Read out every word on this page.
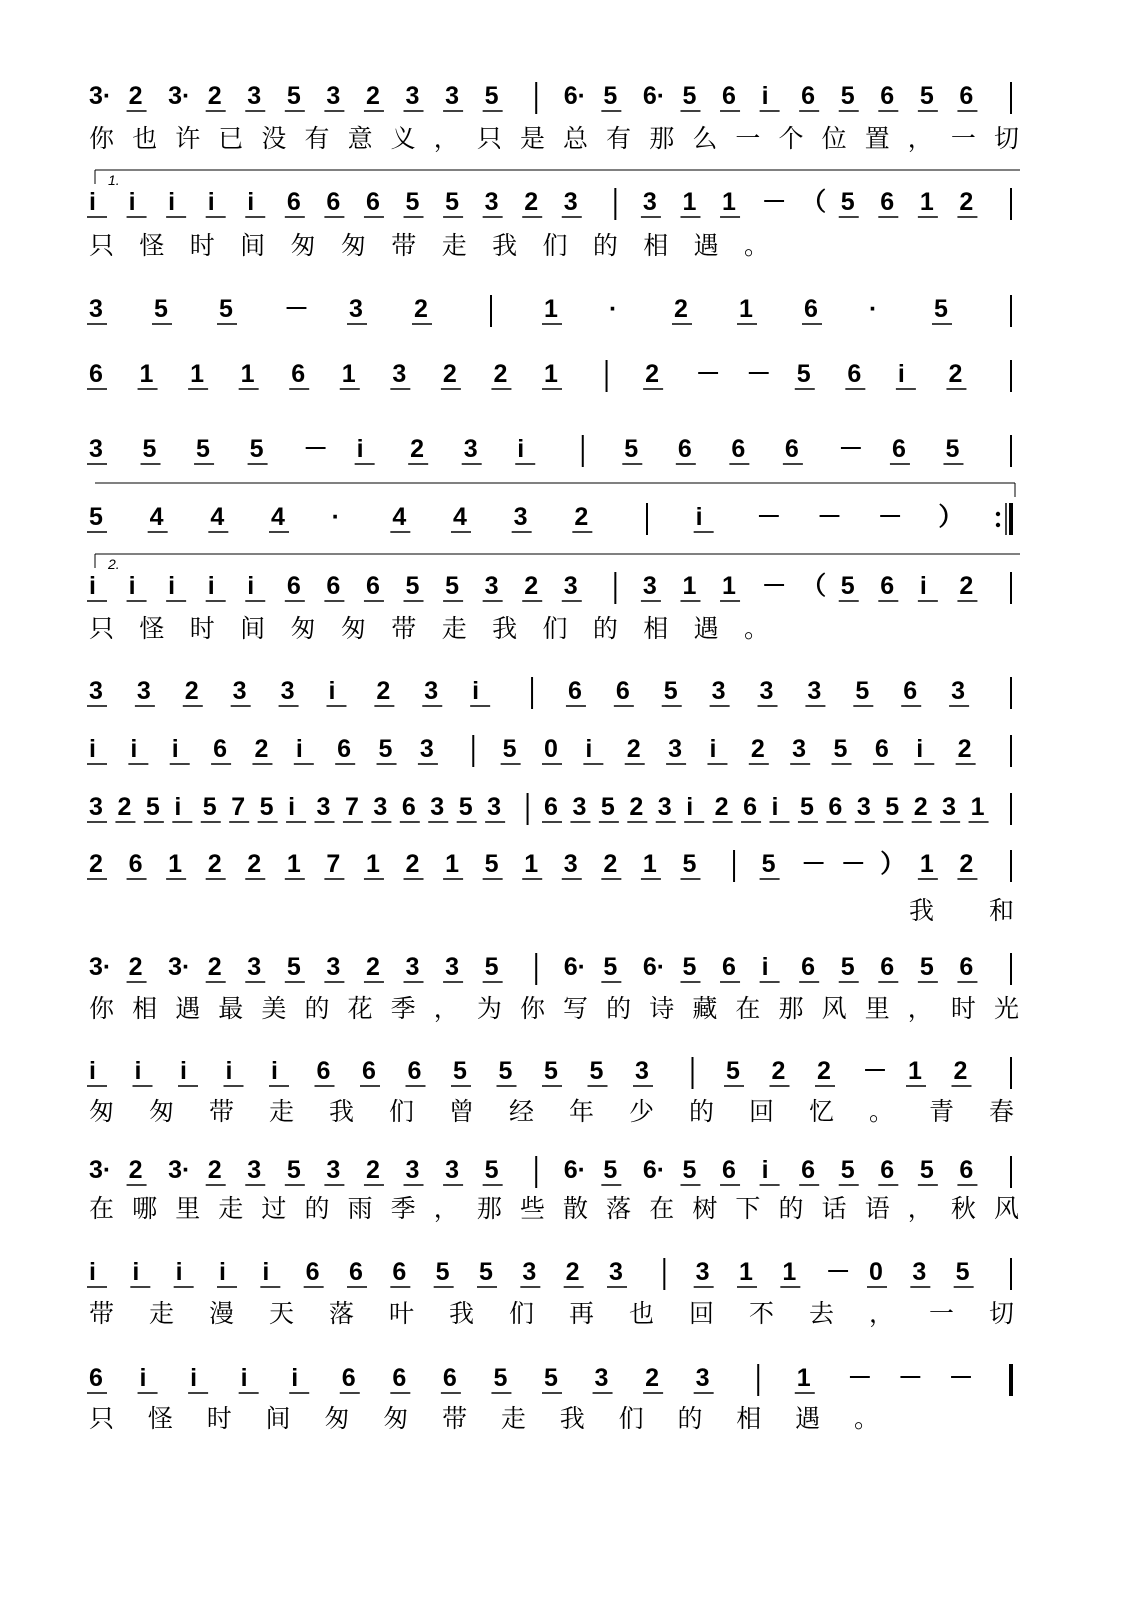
3· 2 3· 2 3 5 3 2 3 3 5	6· 5 6· 5 6 i 6 5 6 5 6
你 也 许 已 没 有 意 义 ， 只 是 总 有 那 么 一 个 位 置 ， 一 切
i i i i i 6 6 6 5 5 3 2 3	3 1 1 － （ 5 6 1 2
1.
只 怪 时 间 匆 匆 带 走 我 们 的 相 遇 。
3 5 5 － 3 2	1 · 2 1 6 · 5
6 1 1 1 6 1 3 2 2 1	2 － － 5 6 i 2
3 5 5 5 － i 2 3 i	5 6 6 6 － 6 5
5 4 4 4 · 4 4 3 2	i － － － ）
i i i i i 6 6 6 5 5 3 2 3	3 1 1 － （ 5 6 i 2
2.
只 怪 时 间 匆 匆 带 走 我 们 的 相 遇 。
3 3 2 3 3 i 2 3 i	6 6 5 3 3 3 5 6 3
i i i 6 2 i 6 5 3	5 0 i 2 3 i 2 3 5 6 i 2
3 2 5 i 5 7 5 i 3 7 3 6 3 5 3 6 3 5 2 3 i 2 6 i 5 6 3 5 2 3 1
2 6 1 2 2 1 7 1 2 1 5 1 3 2 1 5	5 － － ） 1 2
我 和
3· 2 3· 2 3 5 3 2 3 3 5	6· 5 6· 5 6 i 6 5 6 5 6
你 相 遇 最 美 的 花 季 ， 为 你 写 的 诗 藏 在 那 风 里 ， 时 光
i i i i i 6 6 6 5 5 5 5 3	5 2 2 － 1 2
匆 匆 带 走 我 们 曾 经 年 少 的 回 忆 。 青 春
3· 2 3· 2 3 5 3 2 3 3 5	6· 5 6· 5 6 i 6 5 6 5 6
在 哪 里 走 过 的 雨 季 ， 那 些 散 落 在 树 下 的 话 语 ， 秋 风
i i i i i 6 6 6 5 5 3 2 3	3 1 1 － 0 3 5
带 走 漫 天 落 叶 我 们 再 也 回 不 去 ， 一 切
6 i i i i 6 6 6 5 5 3 2 3	1 － － －
只 怪 时 间 匆 匆 带 走 我 们 的 相 遇 。
